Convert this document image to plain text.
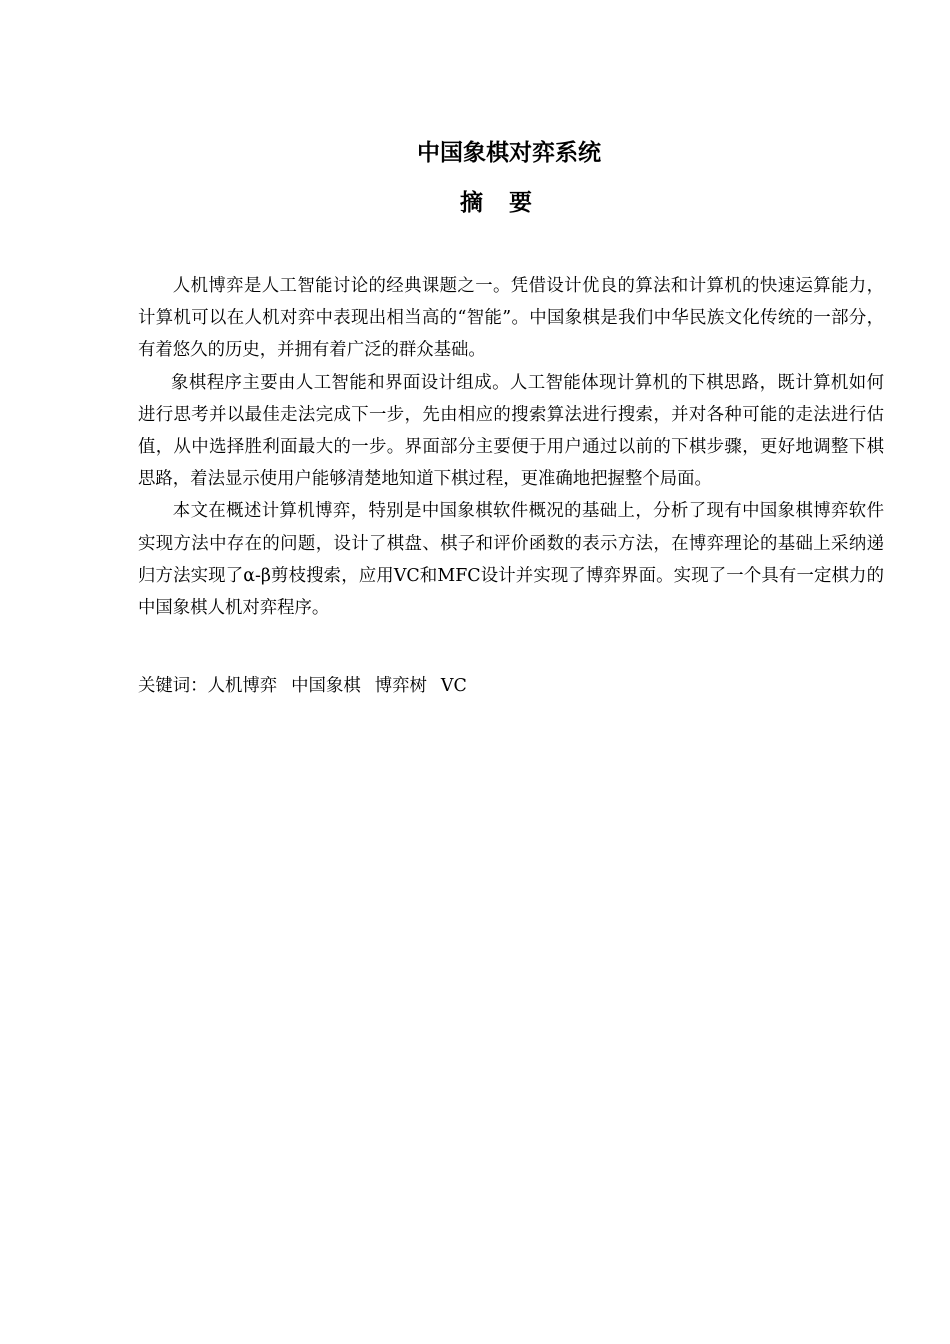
中国象棋对弈系统
摘要

人机博弈是人工智能讨论的经典课题之一。凭借设计优良的算法和计算机的快速运算能力，计算机可以在人机对弈中表现出相当高的“智能”。中国象棋是我们中华民族文化传统的一部分，有着悠久的历史，并拥有着广泛的群众基础。

象棋程序主要由人工智能和界面设计组成。人工智能体现计算机的下棋思路，既计算机如何进行思考并以最佳走法完成下一步，先由相应的搜索算法进行搜索，并对各种可能的走法进行估值，从中选择胜利面最大的一步。界面部分主要便于用户通过以前的下棋步骤，更好地调整下棋思路，着法显示使用户能够清楚地知道下棋过程，更准确地把握整个局面。

本文在概述计算机博弈，特别是中国象棋软件概况的基础上，分析了现有中国象棋博弈软件实现方法中存在的问题，设计了棋盘、棋子和评价函数的表示方法，在博弈理论的基础上采纳递归方法实现了α-β剪枝搜索，应用VC和MFC设计并实现了博弈界面。实现了一个具有一定棋力的中国象棋人机对弈程序。

关键词：人机博弈 中国象棋 博弈树 VC
